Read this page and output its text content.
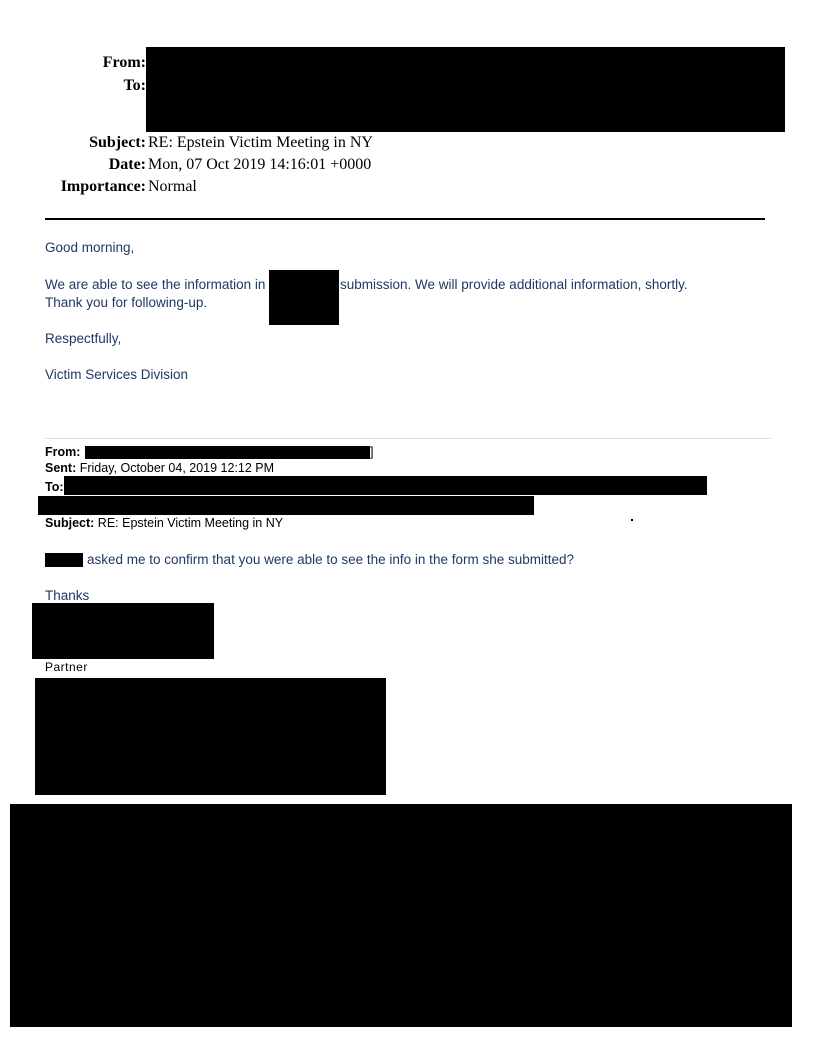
From:
To:
Subject: RE: Epstein Victim Meeting in NY
Date: Mon, 07 Oct 2019 14:16:01 +0000
Importance: Normal
Good morning,
We are able to see the information in	submission. We will provide additional information, shortly.
Thank you for following-up.
Respectfully,
Victim Services Division
From:	]
Sent: Friday, October 04, 2019 12:12 PM
To:
Subject: RE: Epstein Victim Meeting in NY
asked me to confirm that you were able to see the info in the form she submitted?
Thanks
Partner
